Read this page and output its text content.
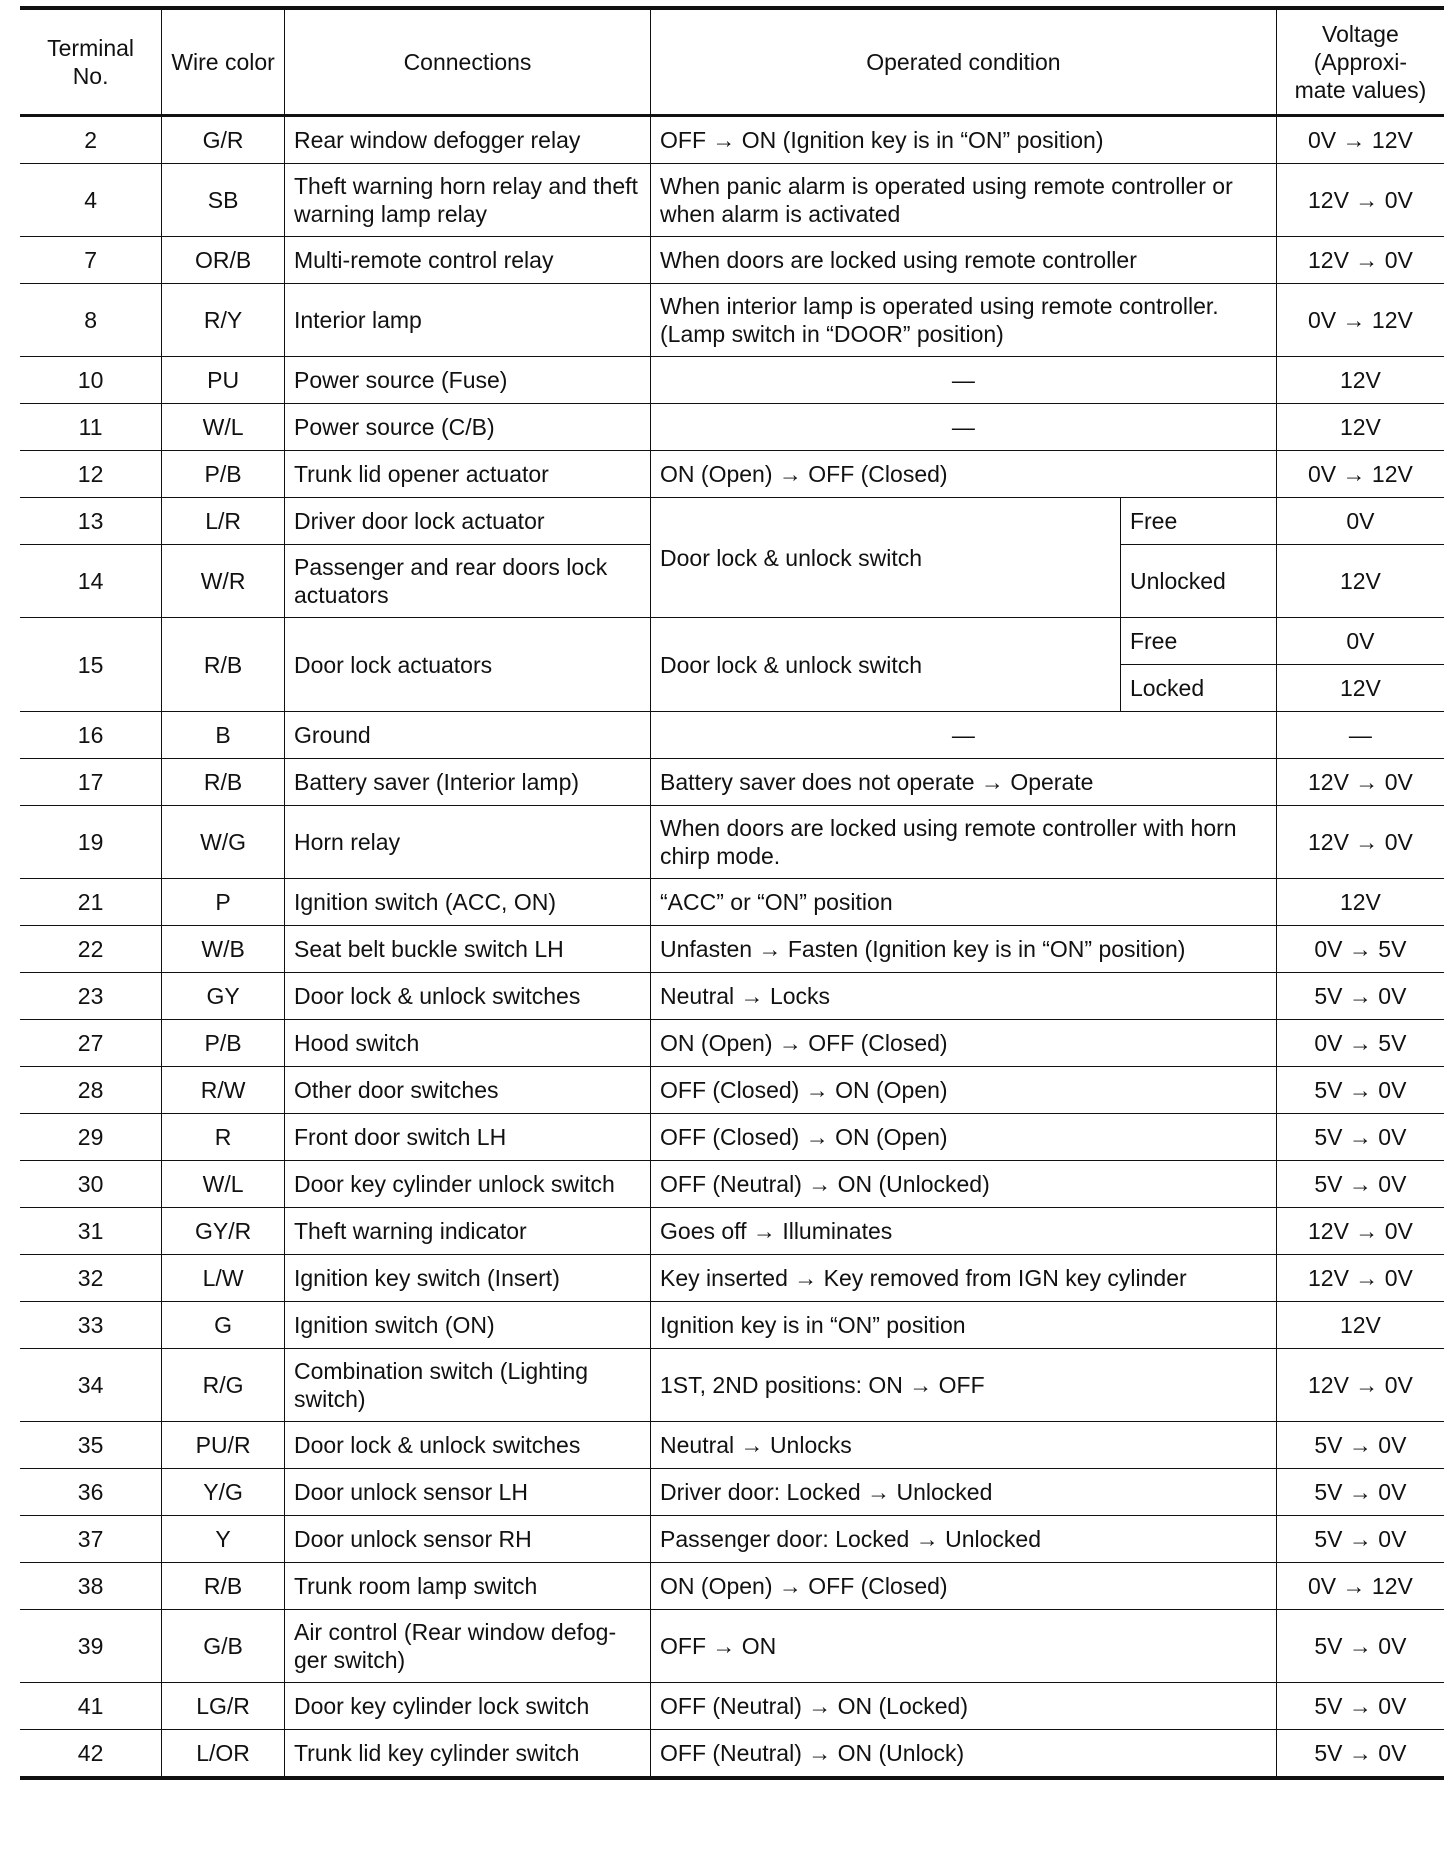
Terminal No.	Wire color	Connections	Operated condition		Voltage (Approxi- mate values)
2	G/R	Rear window defogger relay	OFF → ON (Ignition key is in “ON” position)		0V → 12V
4	SB	Theft warning horn relay and theft warning lamp relay	When panic alarm is operated using remote controller or when alarm is activated		12V → 0V
7	OR/B	Multi-remote control relay	When doors are locked using remote controller		12V → 0V
8	R/Y	Interior lamp	When interior lamp is operated using remote controller. (Lamp switch in “DOOR” position)		0V → 12V
10	PU	Power source (Fuse)	—		12V
11	W/L	Power source (C/B)	—		12V
12	P/B	Trunk lid opener actuator	ON (Open) → OFF (Closed)		0V → 12V
13	L/R	Driver door lock actuator	Door lock & unlock switch	Free	0V
14	W/R	Passenger and rear doors lock actuators		Unlocked	12V
15	R/B	Door lock actuators	Door lock & unlock switch	Free	0V
				Locked	12V
16	B	Ground	—		—
17	R/B	Battery saver (Interior lamp)	Battery saver does not operate → Operate		12V → 0V
19	W/G	Horn relay	When doors are locked using remote controller with horn chirp mode.		12V → 0V
21	P	Ignition switch (ACC, ON)	“ACC” or “ON” position		12V
22	W/B	Seat belt buckle switch LH	Unfasten → Fasten (Ignition key is in “ON” position)		0V → 5V
23	GY	Door lock & unlock switches	Neutral → Locks		5V → 0V
27	P/B	Hood switch	ON (Open) → OFF (Closed)		0V → 5V
28	R/W	Other door switches	OFF (Closed) → ON (Open)		5V → 0V
29	R	Front door switch LH	OFF (Closed) → ON (Open)		5V → 0V
30	W/L	Door key cylinder unlock switch	OFF (Neutral) → ON (Unlocked)		5V → 0V
31	GY/R	Theft warning indicator	Goes off → Illuminates		12V → 0V
32	L/W	Ignition key switch (Insert)	Key inserted → Key removed from IGN key cylinder		12V → 0V
33	G	Ignition switch (ON)	Ignition key is in “ON” position		12V
34	R/G	Combination switch (Lighting switch)	1ST, 2ND positions: ON → OFF		12V → 0V
35	PU/R	Door lock & unlock switches	Neutral → Unlocks		5V → 0V
36	Y/G	Door unlock sensor LH	Driver door: Locked → Unlocked		5V → 0V
37	Y	Door unlock sensor RH	Passenger door: Locked → Unlocked		5V → 0V
38	R/B	Trunk room lamp switch	ON (Open) → OFF (Closed)		0V → 12V
39	G/B	Air control (Rear window defog- ger switch)	OFF → ON		5V → 0V
41	LG/R	Door key cylinder lock switch	OFF (Neutral) → ON (Locked)		5V → 0V
42	L/OR	Trunk lid key cylinder switch	OFF (Neutral) → ON (Unlock)		5V → 0V
